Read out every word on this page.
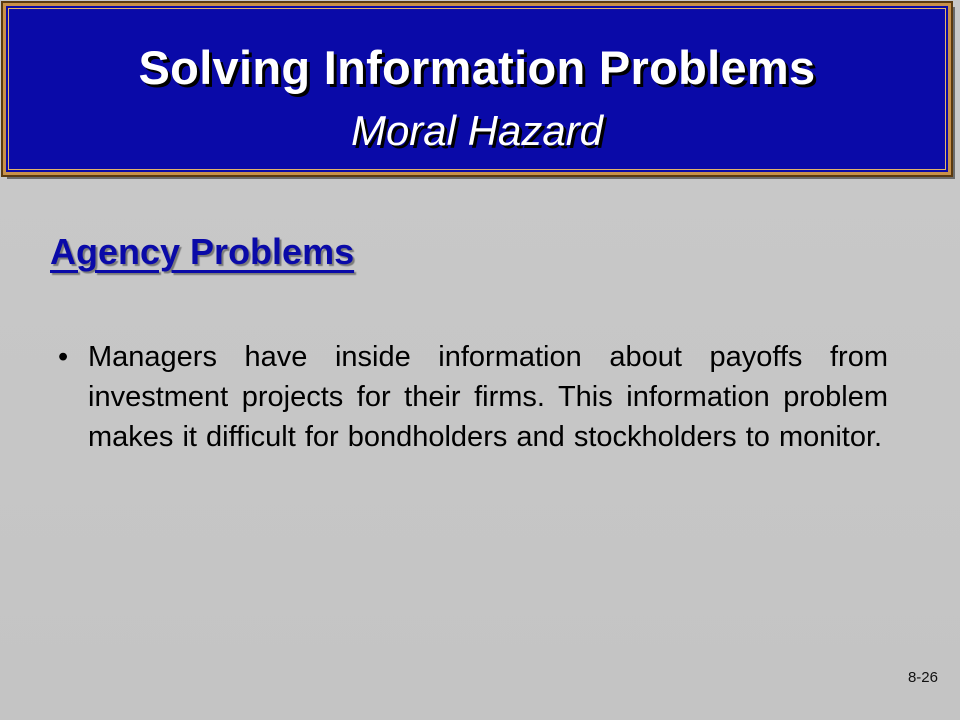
Solving Information Problems
Moral Hazard
Agency Problems
• Managers have inside information about payoffs from investment projects for their firms. This information problem makes it difficult for bondholders and stockholders to monitor.
8-26
